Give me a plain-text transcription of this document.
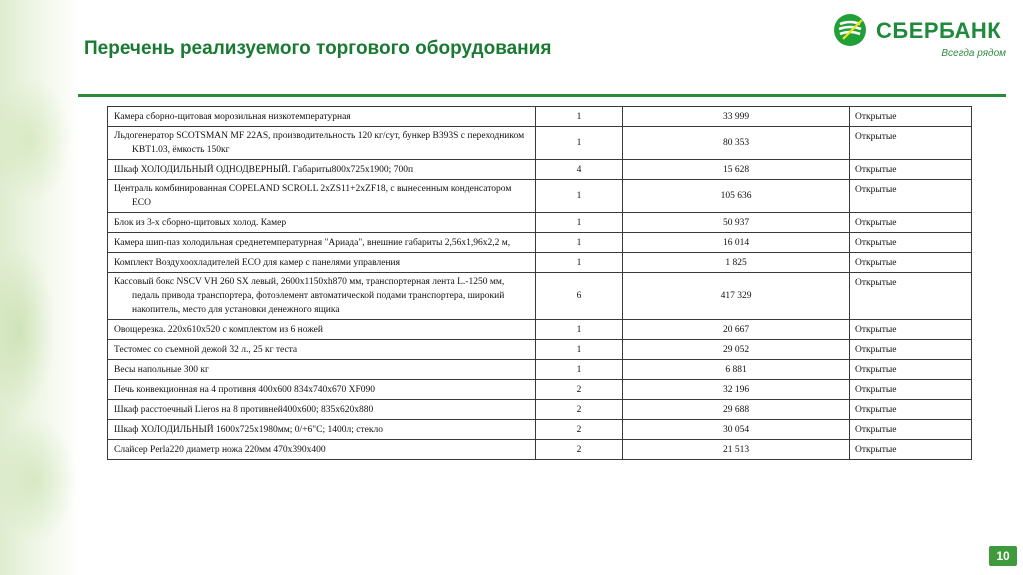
Перечень реализуемого торгового оборудования
СБЕРБАНК
Всегда рядом
Камера сборно-щитовая морозильная низкотемпературная	1	33 999	Открытые

Льдогенератор SCOTSMAN MF 22AS, производительность 120 кг/сут, бункер В393S с переходником KBT1.03, ёмкость 150кг	1	80 353	Открытые

Шкаф ХОЛОДИЛЬНЫЙ ОДНОДВЕРНЫЙ. Габариты800х725х1900; 700п	4	15 628	Открытые

Централь комбинированная COPELAND SCROLL 2xZS11+2xZF18, с вынесенным конденсатором ECO	1	105 636	Открытые

Блок из 3-х сборно-щитовых холод. Камер	1	50 937	Открытые

Камера шип-паз холодильная среднетемпературная "Ариада", внешние габариты 2,56х1,96х2,2 м,	1	16 014	Открытые

Комплект Воздухоохладителей ECO для камер с панелями управления	1	1 825	Открытые

Кассовый бокс NSCV VH 260 SX левый, 2600х1150хh870 мм, транспортерная лента L.-1250 мм, педаль привода транспортера, фотоэлемент автоматической подами транспортера, широкий накопитель, место для установки денежного ящика	6	417 329	Открытые

Овощерезка. 220х610х520 с комплектом из 6 ножей	1	20 667	Открытые

Тестомес со съемной дежой 32 л., 25 кг теста	1	29 052	Открытые

Весы напольные 300 кг	1	6 881	Открытые

Печь конвекционная на 4 противня 400х600 834х740х670 XF090	2	32 196	Открытые

Шкаф расстоечный Lieros на 8 противней400х600; 835х620х880	2	29 688	Открытые

Шкаф ХОЛОДИЛЬНЫЙ 1600х725х1980мм; 0/+6"С; 1400л; стекло	2	30 054	Открытые

Слайсер Perla220 диаметр ножа 220мм 470х390х400	2	21 513	Открытые
10
